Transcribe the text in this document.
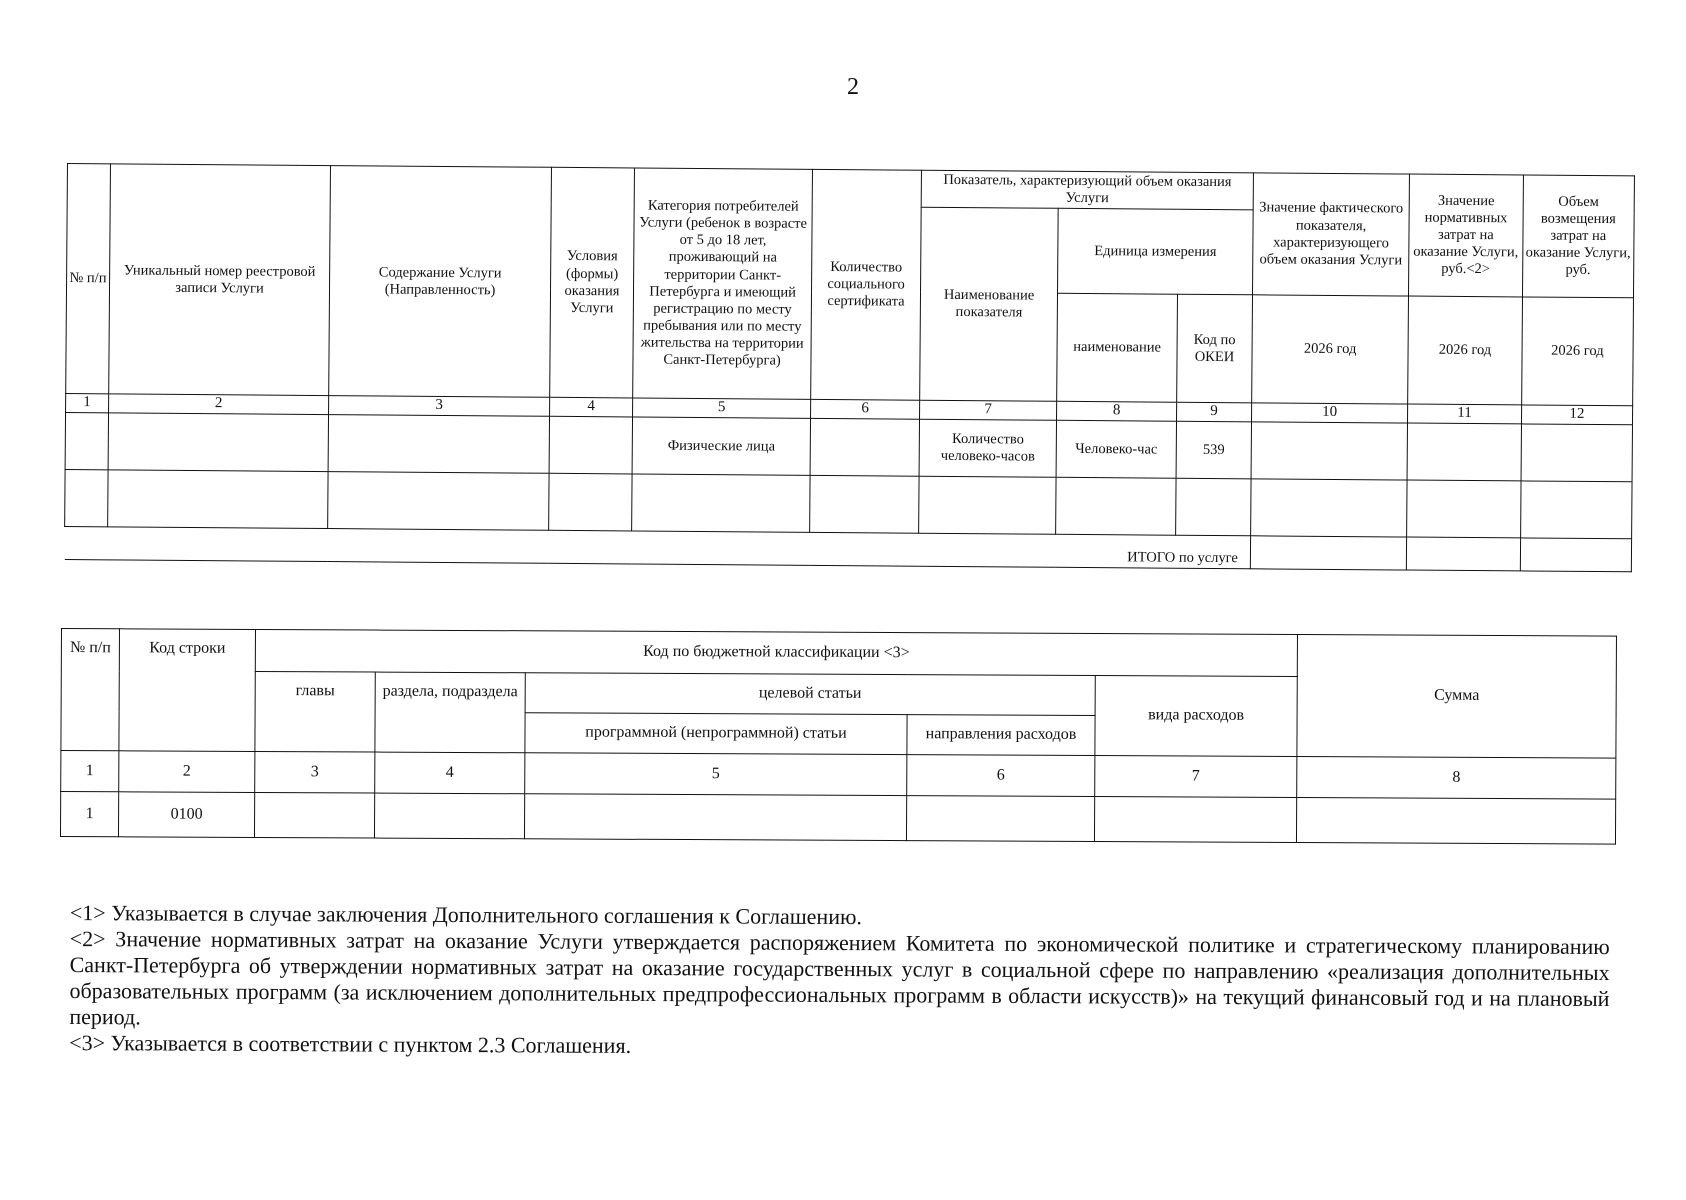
2
№ п/п	Уникальный номер реестровой записи Услуги	Содержание Услуги (Направленность)	Условия (формы) оказания Услуги	Категория потребителей Услуги (ребенок в возрасте от 5 до 18 лет, проживающий на территории Санкт-Петербурга и имеющий регистрацию по месту пребывания или по месту жительства на территории Санкт-Петербурга)	Количество социального сертификата	Показатель, характеризующий объем оказания Услуги			Значение фактического показателя, характеризующего объем оказания Услуги	Значение нормативных затрат на оказание Услуги, руб.<2>	Объем возмещения затрат на оказание Услуги, руб.
						Наименование показателя	Единица измерения				
							наименование	Код по ОКЕИ	2026 год	2026 год	2026 год
1	2	3	4	5	6	7	8	9	10	11	12
				Физические лица		Количество человеко-часов	Человеко-час	539			

ИТОГО по услуге											
№ п/п	Код строки	Код по бюджетной классификации <3>					Сумма
		главы	раздела, подраздела	целевой статьи		вида расходов	
				программной (непрограммной) статьи	направления расходов		
1	2	3	4	5	6	7	8
1	0100						

<1> Указывается в случае заключения Дополнительного соглашения к Соглашению.

<2> Значение нормативных затрат на оказание Услуги утверждается распоряжением Комитета по экономической политике и стратегическому планированию Санкт-Петербурга об утверждении нормативных затрат на оказание государственных услуг в социальной сфере по направлению «реализация дополнительных образовательных программ (за исключением дополнительных предпрофессиональных программ в области искусств)» на текущий финансовый год и на плановый период.

<3> Указывается в соответствии с пунктом 2.3 Соглашения.
